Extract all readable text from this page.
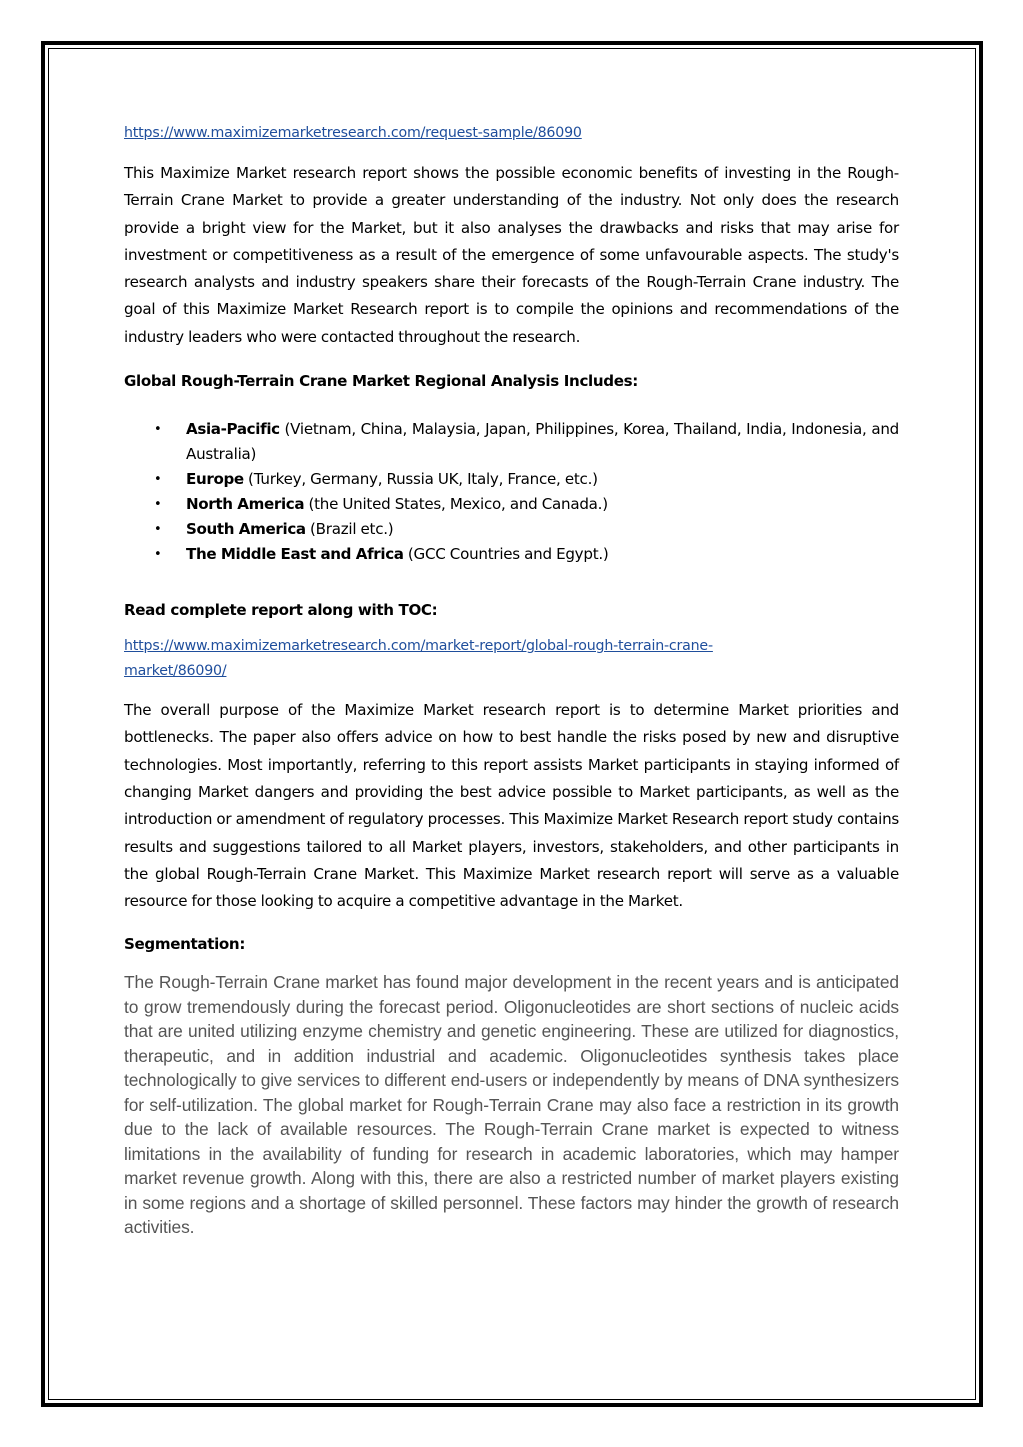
https://www.maximizemarketresearch.com/request-sample/86090

This Maximize Market research report shows the possible economic benefits of investing in the Rough-Terrain Crane Market to provide a greater understanding of the industry. Not only does the research provide a bright view for the Market, but it also analyses the drawbacks and risks that may arise for investment or competitiveness as a result of the emergence of some unfavourable aspects. The study's research analysts and industry speakers share their forecasts of the Rough-Terrain Crane industry. The goal of this Maximize Market Research report is to compile the opinions and recommendations of the industry leaders who were contacted throughout the research.

Global Rough-Terrain Crane Market Regional Analysis Includes:
• Asia-Pacific (Vietnam, China, Malaysia, Japan, Philippines, Korea, Thailand, India, Indonesia, and Australia)
• Europe (Turkey, Germany, Russia UK, Italy, France, etc.)
• North America (the United States, Mexico, and Canada.)
• South America (Brazil etc.)
• The Middle East and Africa (GCC Countries and Egypt.)
Read complete report along with TOC:
https://www.maximizemarketresearch.com/market-report/global-rough-terrain-crane-
market/86090/

The overall purpose of the Maximize Market research report is to determine Market priorities and bottlenecks. The paper also offers advice on how to best handle the risks posed by new and disruptive technologies. Most importantly, referring to this report assists Market participants in staying informed of changing Market dangers and providing the best advice possible to Market participants, as well as the introduction or amendment of regulatory processes. This Maximize Market Research report study contains results and suggestions tailored to all Market players, investors, stakeholders, and other participants in the global Rough-Terrain Crane Market. This Maximize Market research report will serve as a valuable resource for those looking to acquire a competitive advantage in the Market.

Segmentation:

The Rough-Terrain Crane market has found major development in the recent years and is anticipated to grow tremendously during the forecast period. Oligonucleotides are short sections of nucleic acids that are united utilizing enzyme chemistry and genetic engineering. These are utilized for diagnostics, therapeutic, and in addition industrial and academic. Oligonucleotides synthesis takes place technologically to give services to different end-users or independently by means of DNA synthesizers for self-utilization. The global market for Rough-Terrain Crane may also face a restriction in its growth due to the lack of available resources. The Rough-Terrain Crane market is expected to witness limitations in the availability of funding for research in academic laboratories, which may hamper market revenue growth. Along with this, there are also a restricted number of market players existing in some regions and a shortage of skilled personnel. These factors may hinder the growth of research activities.
